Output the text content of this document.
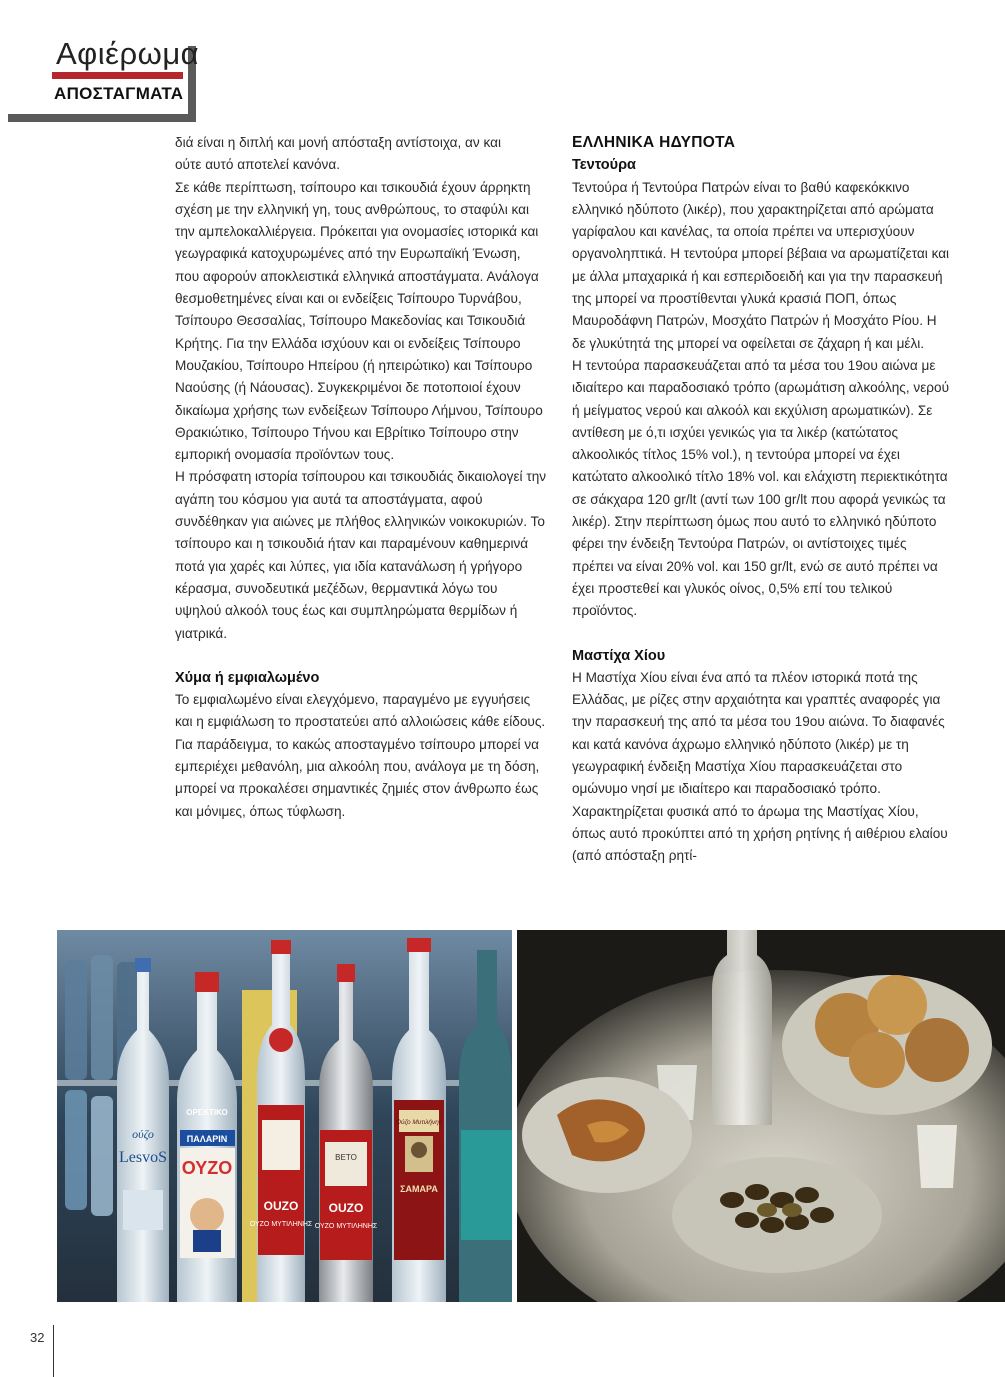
Αφιέρωμα
ΑΠΟΣΤΑΓΜΑΤΑ

διά είναι η διπλή και μονή απόσταξη αντίστοιχα, αν και

ούτε αυτό αποτελεί κανόνα.

Σε κάθε περίπτωση, τσίπουρο και τσικουδιά έχουν άρρηκτη σχέση με την ελληνική γη, τους ανθρώπους, το σταφύλι και την αμπελοκαλλιέργεια. Πρόκειται για ονομασίες ιστορικά και γεωγραφικά κατοχυρωμένες από την Ευρωπαϊκή Ένωση, που αφορούν αποκλειστικά ελληνικά αποστάγματα. Ανάλογα θεσμοθετημένες είναι και οι ενδείξεις Τσίπουρο Τυρνάβου, Τσίπουρο Θεσσαλίας, Τσίπουρο Μακεδονίας και Τσικουδιά Κρήτης. Για την Ελλάδα ισχύουν και οι ενδείξεις Τσίπουρο Μουζακίου, Τσίπουρο Ηπείρου (ή ηπειρώτικο) και Τσίπουρο Ναούσης (ή Νάουσας). Συγκεκριμένοι δε ποτοποιοί έχουν δικαίωμα χρήσης των ενδείξεων Τσίπουρο Λήμνου, Τσίπουρο Θρακιώτικο, Τσίπουρο Τήνου και Εβρίτικο Τσίπουρο στην εμπορική ονομασία προϊόντων τους.

Η πρόσφατη ιστορία τσίπουρου και τσικουδιάς δικαιολογεί την αγάπη του κόσμου για αυτά τα αποστάγματα, αφού συνδέθηκαν για αιώνες με πλήθος ελληνικών νοικοκυριών. Το τσίπουρο και η τσικουδιά ήταν και παραμένουν καθημερινά ποτά για χαρές και λύπες, για ιδία κατανάλωση ή γρήγορο κέρασμα, συνοδευτικά μεζέδων, θερμαντικά λόγω του υψηλού αλκοόλ τους έως και συμπληρώματα θερμίδων ή γιατρικά.

Χύμα ή εμφιαλωμένο

Το εμφιαλωμένο είναι ελεγχόμενο, παραγμένο με εγγυήσεις και η εμφιάλωση το προστατεύει από αλλοιώσεις κάθε είδους. Για παράδειγμα, το κακώς αποσταγμένο τσίπουρο μπορεί να εμπεριέχει μεθανόλη, μια αλκοόλη που, ανάλογα με τη δόση, μπορεί να προκαλέσει σημαντικές ζημιές στον άνθρωπο έως και μόνιμες, όπως τύφλωση.

ΕΛΛΗΝΙΚΑ ΗΔΥΠΟΤΑ

Τεντούρα

Τεντούρα ή Τεντούρα Πατρών είναι το βαθύ καφεκόκκινο ελληνικό ηδύποτο (λικέρ), που χαρακτηρίζεται από αρώματα γαρίφαλου και κανέλας, τα οποία πρέπει να υπερισχύουν οργανοληπτικά. Η τεντούρα μπορεί βέβαια να αρωματίζεται και με άλλα μπαχαρικά ή και εσπεριδοειδή και για την παρασκευή της μπορεί να προστίθενται γλυκά κρασιά ΠΟΠ, όπως Μαυροδάφνη Πατρών, Μοσχάτο Πατρών ή Μοσχάτο Ρίου. Η δε γλυκύτητά της μπορεί να οφείλεται σε ζάχαρη ή και μέλι.

Η τεντούρα παρασκευάζεται από τα μέσα του 19ου αιώνα με ιδιαίτερο και παραδοσιακό τρόπο (αρωμάτιση αλκοόλης, νερού ή μείγματος νερού και αλκοόλ και εκχύλιση αρωματικών). Σε αντίθεση με ό,τι ισχύει γενικώς για τα λικέρ (κατώτατος αλκοολικός τίτλος 15% vol.), η τεντούρα μπορεί να έχει κατώτατο αλκοολικό τίτλο 18% vol. και ελάχιστη περιεκτικότητα σε σάκχαρα 120 gr/lt (αντί των 100 gr/lt που αφορά γενικώς τα λικέρ). Στην περίπτωση όμως που αυτό το ελληνικό ηδύποτο φέρει την ένδειξη Τεντούρα Πατρών, οι αντίστοιχες τιμές πρέπει να είναι 20% vol. και 150 gr/lt, ενώ σε αυτό πρέπει να έχει προστεθεί και γλυκός οίνος, 0,5% επί του τελικού προϊόντος.

Μαστίχα Χίου

Η Μαστίχα Χίου είναι ένα από τα πλέον ιστορικά ποτά της Ελλάδας, με ρίζες στην αρχαιότητα και γραπτές αναφορές για την παρασκευή της από τα μέσα του 19ου αιώνα. Το διαφανές και κατά κανόνα άχρωμο ελληνικό ηδύποτο (λικέρ) με τη γεωγραφική ένδειξη Μαστίχα Χίου παρασκευάζεται στο ομώνυμο νησί με ιδιαίτερο και παραδοσιακό τρόπο. Χαρακτηρίζεται φυσικά από το άρωμα της Μαστίχας Χίου, όπως αυτό προκύπτει από τη χρήση ρητίνης ή αιθέριου ελαίου (από απόσταξη ρητί-

ούζο
LesvoS
ΠΑΛΑΡΙΝ
ΟΥΖΟ
ΟΡΕΚΤΙΚΟ
OUZO
ΟΥΖΟ ΜΥΤΙΛΗΝΗΣ
ΒΕΤΟ
OUZO
ΟΥΖΟ ΜΥΤΙΛΗΝΗΣ
Ούζο Μυτιλήνης
ΣΑΜΑΡΑ
32
